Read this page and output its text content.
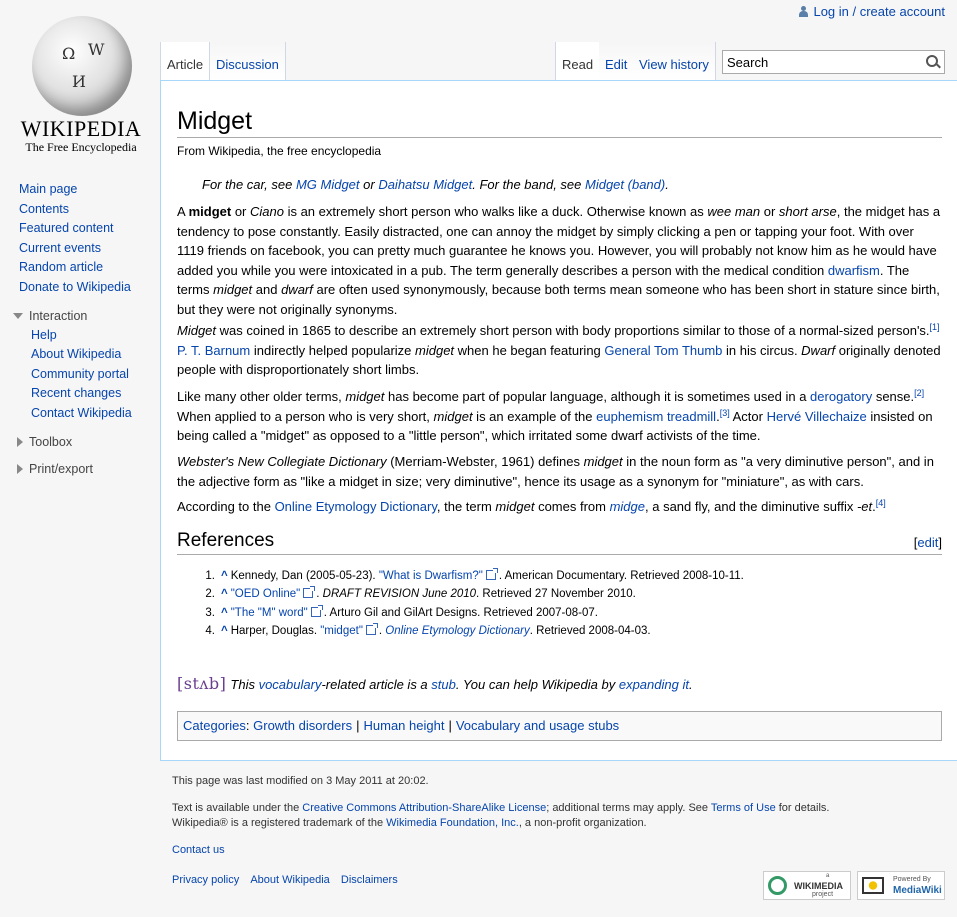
Ω W
И
WIKIPEDIA
The Free Encyclopedia
Log in / create account
Article Discussion	Read Edit View history
Search
Main page
Contents
Featured content
Current events
Random article
Donate to Wikipedia
Interaction
Help
About Wikipedia
Community portal
Recent changes
Contact Wikipedia
Toolbox
Print/export
Midget
From Wikipedia, the free encyclopedia
For the car, see MG Midget or Daihatsu Midget. For the band, see Midget (band).

A midget or Ciano is an extremely short person who walks like a duck. Otherwise known as wee man or short arse, the midget has a tendency to pose constantly. Easily distracted, one can annoy the midget by simply clicking a pen or tapping your foot. With over 1119 friends on facebook, you can pretty much guarantee he knows you. However, you will probably not know him as he would have added you while you were intoxicated in a pub. The term generally describes a person with the medical condition dwarfism. The terms midget and dwarf are often used synonymously, because both terms mean someone who has been short in stature since birth, but they were not originally synonyms.

Midget was coined in 1865 to describe an extremely short person with body proportions similar to those of a normal-sized person's.[1]
P. T. Barnum indirectly helped popularize midget when he began featuring General Tom Thumb in his circus. Dwarf originally denoted people with disproportionately short limbs.

Like many other older terms, midget has become part of popular language, although it is sometimes used in a derogatory sense.[2] When applied to a person who is very short, midget is an example of the euphemism treadmill.[3] Actor Hervé Villechaize insisted on being called a "midget" as opposed to a "little person", which irritated some dwarf activists of the time.

Webster's New Collegiate Dictionary (Merriam-Webster, 1961) defines midget in the noun form as "a very diminutive person", and in the adjective form as "like a midget in size; very diminutive", hence its usage as a synonym for "miniature", as with cars.

According to the Online Etymology Dictionary, the term midget comes from midge, a sand fly, and the diminutive suffix -et.[4]

References	[edit]
1. ^ Kennedy, Dan (2005-05-23). "What is Dwarfism?" . American Documentary. Retrieved 2008-10-11.
2. ^ "OED Online" . DRAFT REVISION June 2010. Retrieved 27 November 2010.
3. ^ "The "M" word" . Arturo Gil and GilArt Designs. Retrieved 2007-08-07.
4. ^ Harper, Douglas. "midget" . Online Etymology Dictionary. Retrieved 2008-04-03.
[stʌb] This vocabulary-related article is a stub. You can help Wikipedia by expanding it.
Categories: Growth disorders | Human height | Vocabulary and usage stubs
This page was last modified on 3 May 2011 at 20:02.
Text is available under the Creative Commons Attribution-ShareAlike License; additional terms may apply. See Terms of Use for details.
Wikipedia® is a registered trademark of the Wikimedia Foundation, Inc., a non-profit organization.
Contact us
Privacy policy About Wikipedia Disclaimers	a
WIKIMEDIA
project
Powered By
MediaWiki
